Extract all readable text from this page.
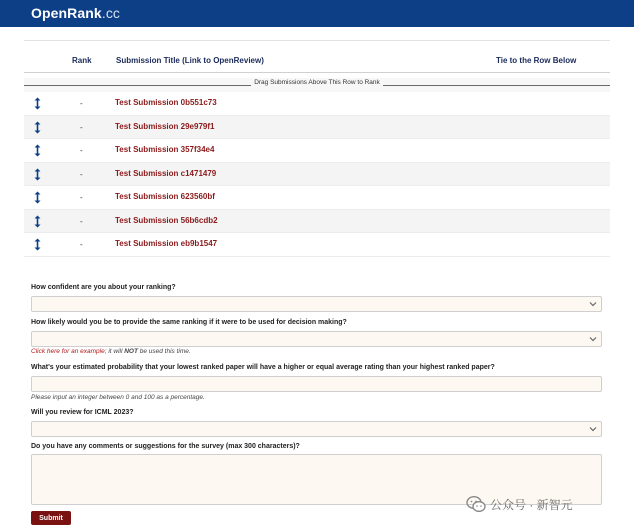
OpenRank.cc
Rank	Submission Title (Link to OpenReview)	Tie to the Row Below
Drag Submissions Above This Row to Rank
-	Test Submission 0b551c73
-	Test Submission 29e979f1
-	Test Submission 357f34e4
-	Test Submission c1471479
-	Test Submission 623560bf
-	Test Submission 56b6cdb2
-	Test Submission eb9b1547
How confident are you about your ranking?
How likely would you be to provide the same ranking if it were to be used for decision making?
Click here for an example; it will NOT be used this time.
What's your estimated probability that your lowest ranked paper will have a higher or equal average rating than your highest ranked paper?
Please input an integer between 0 and 100 as a percentage.
Will you review for ICML 2023?
Do you have any comments or suggestions for the survey (max 300 characters)?
Submit
公众号 · 新智元
